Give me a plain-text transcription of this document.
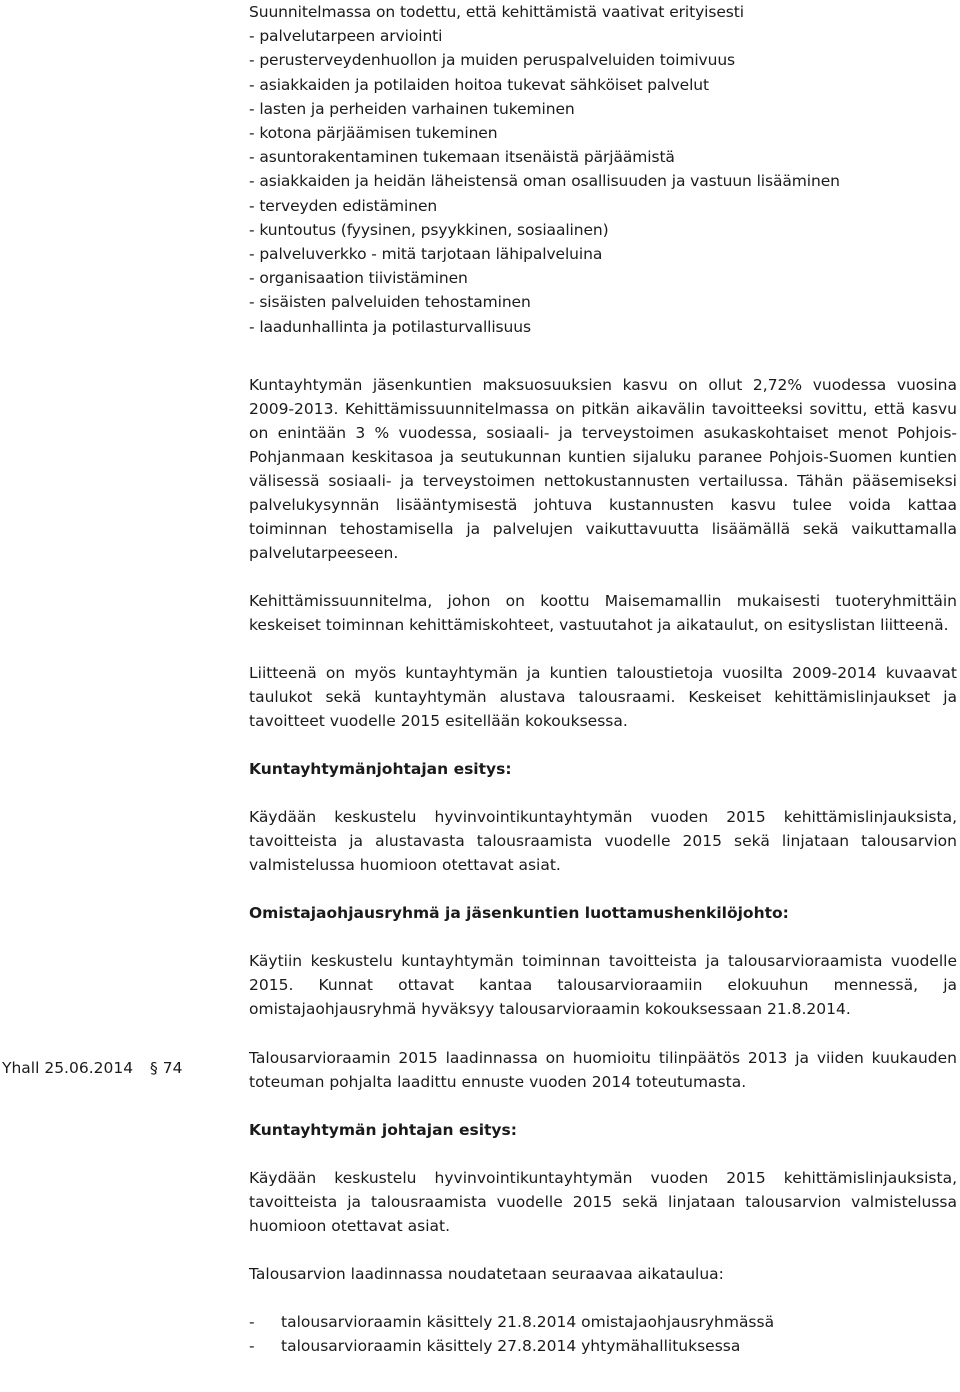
Suunnitelmassa on todettu, että kehittämistä vaativat erityisesti
- palvelutarpeen arviointi
- perusterveydenhuollon ja muiden peruspalveluiden toimivuus
- asiakkaiden ja potilaiden hoitoa tukevat sähköiset palvelut
- lasten ja perheiden varhainen tukeminen
- kotona pärjäämisen tukeminen
- asuntorakentaminen tukemaan itsenäistä pärjäämistä
- asiakkaiden ja heidän läheistensä oman osallisuuden ja vastuun lisääminen
- terveyden edistäminen
- kuntoutus (fyysinen, psyykkinen, sosiaalinen)
- palveluverkko - mitä tarjotaan lähipalveluina
- organisaation tiivistäminen
- sisäisten palveluiden tehostaminen
- laadunhallinta ja potilasturvallisuus

Kuntayhtymän jäsenkuntien maksuosuuksien kasvu on ollut 2,72% vuodessa vuosina 2009-2013. Kehittämissuunnitelmassa on pitkän aikavälin tavoitteeksi sovittu, että kasvu on enintään 3 % vuodessa, sosiaali- ja terveystoimen asukaskohtaiset menot Pohjois-Pohjanmaan keskitasoa ja seutukunnan kuntien sijaluku paranee Pohjois-Suomen kuntien välisessä sosiaali- ja terveystoimen nettokustannusten vertailussa. Tähän pääsemiseksi palvelukysynnän lisääntymisestä johtuva kustannusten kasvu tulee voida kattaa toiminnan tehostamisella ja palvelujen vaikuttavuutta lisäämällä sekä vaikuttamalla palvelutarpeeseen.

Kehittämissuunnitelma, johon on koottu Maisemamallin mukaisesti tuoteryhmittäin keskeiset toiminnan kehittämiskohteet, vastuutahot ja aikataulut, on esityslistan liitteenä.

Liitteenä on myös kuntayhtymän ja kuntien taloustietoja vuosilta 2009-2014 kuvaavat taulukot sekä kuntayhtymän alustava talousraami. Keskeiset kehittämislinjaukset ja tavoitteet vuodelle 2015 esitellään kokouksessa.

Kuntayhtymänjohtajan esitys:

Käydään keskustelu hyvinvointikuntayhtymän vuoden 2015 kehittämislinjauksista, tavoitteista ja alustavasta talousraamista vuodelle 2015 sekä linjataan talousarvion valmistelussa huomioon otettavat asiat.

Omistajaohjausryhmä ja jäsenkuntien luottamushenkilöjohto:

Käytiin keskustelu kuntayhtymän toiminnan tavoitteista ja talousarvioraamista vuodelle 2015. Kunnat ottavat kantaa talousarvioraamiin elokuuhun mennessä, ja omistajaohjausryhmä hyväksyy talousarvioraamin kokouksessaan 21.8.2014.

Talousarvioraamin 2015 laadinnassa on huomioitu tilinpäätös 2013 ja viiden kuukauden toteuman pohjalta laadittu ennuste vuoden 2014 toteutumasta.

Kuntayhtymän johtajan esitys:

Käydään keskustelu hyvinvointikuntayhtymän vuoden 2015 kehittämislinjauksista, tavoitteista ja talousraamista vuodelle 2015 sekä linjataan talousarvion valmistelussa huomioon otettavat asiat.

Talousarvion laadinnassa noudatetaan seuraavaa aikataulua:

-	talousarvioraamin käsittely 21.8.2014 omistajaohjausryhmässä
-	talousarvioraamin käsittely 27.8.2014 yhtymähallituksessa
Yhall 25.06.2014 § 74
